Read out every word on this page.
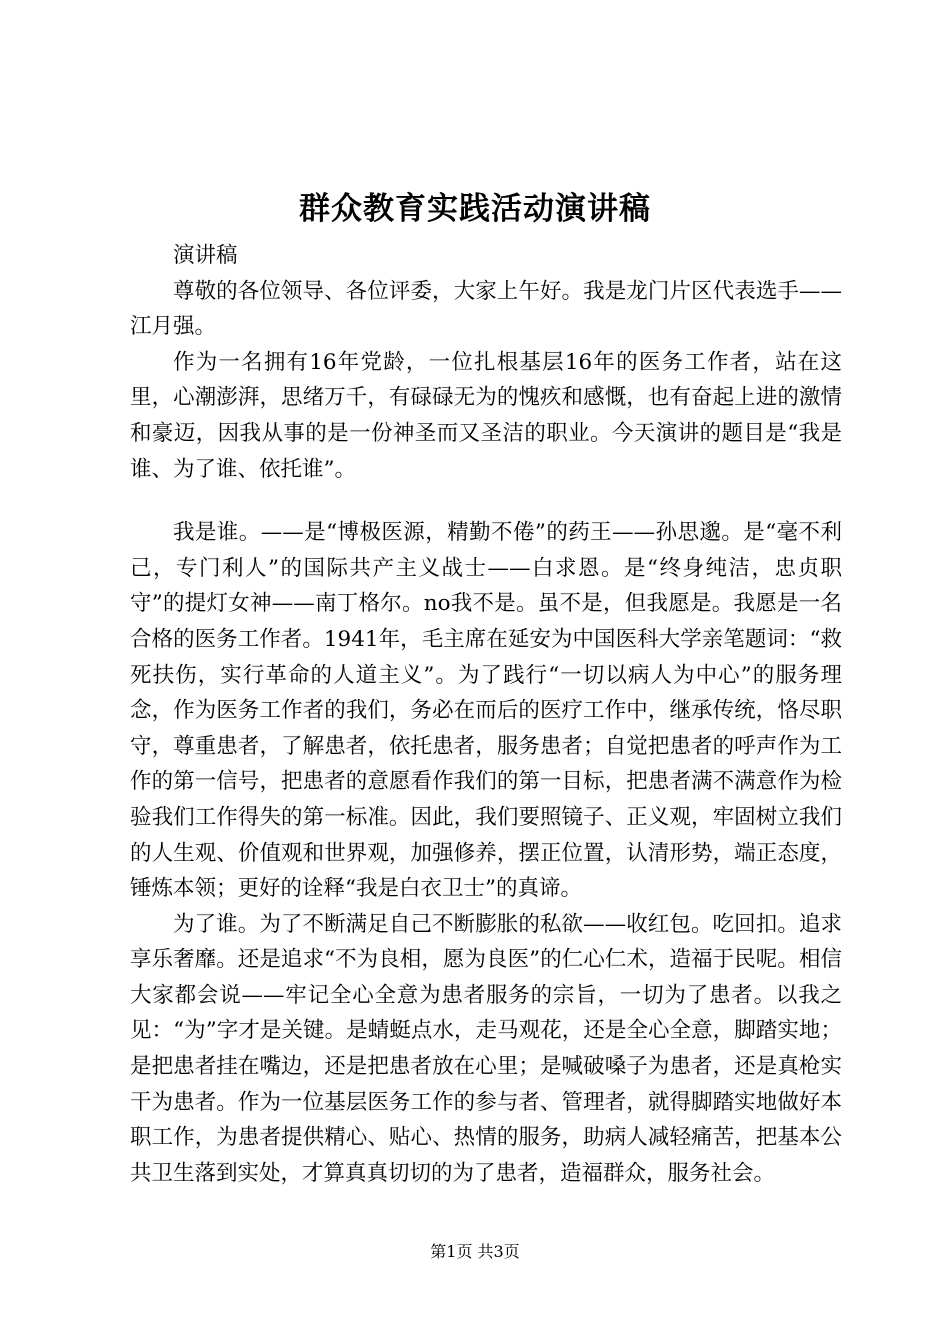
群众教育实践活动演讲稿

演讲稿

尊敬的各位领导、各位评委，大家上午好。我是龙门片区代表选手——江月强。

作为一名拥有16年党龄，一位扎根基层16年的医务工作者，站在这里，心潮澎湃，思绪万千，有碌碌无为的愧疚和感慨，也有奋起上进的激情和豪迈，因我从事的是一份神圣而又圣洁的职业。今天演讲的题目是“我是谁、为了谁、依托谁”。

我是谁。——是“博极医源，精勤不倦”的药王——孙思邈。是“毫不利己，专门利人”的国际共产主义战士——白求恩。是“终身纯洁，忠贞职守”的提灯女神——南丁格尔。no我不是。虽不是，但我愿是。我愿是一名合格的医务工作者。1941年，毛主席在延安为中国医科大学亲笔题词：“救死扶伤，实行革命的人道主义”。为了践行“一切以病人为中心”的服务理念，作为医务工作者的我们，务必在而后的医疗工作中，继承传统，恪尽职守，尊重患者，了解患者，依托患者，服务患者；自觉把患者的呼声作为工作的第一信号，把患者的意愿看作我们的第一目标，把患者满不满意作为检验我们工作得失的第一标准。因此，我们要照镜子、正义观，牢固树立我们的人生观、价值观和世界观，加强修养，摆正位置，认清形势，端正态度，锤炼本领；更好的诠释“我是白衣卫士”的真谛。

为了谁。为了不断满足自己不断膨胀的私欲——收红包。吃回扣。追求享乐奢靡。还是追求“不为良相，愿为良医”的仁心仁术，造福于民呢。相信大家都会说——牢记全心全意为患者服务的宗旨，一切为了患者。以我之见：“为”字才是关键。是蜻蜓点水，走马观花，还是全心全意，脚踏实地；是把患者挂在嘴边，还是把患者放在心里；是喊破嗓子为患者，还是真枪实干为患者。作为一位基层医务工作的参与者、管理者，就得脚踏实地做好本职工作，为患者提供精心、贴心、热情的服务，助病人减轻痛苦，把基本公共卫生落到实处，才算真真切切的为了患者，造福群众，服务社会。

第1页 共3页
